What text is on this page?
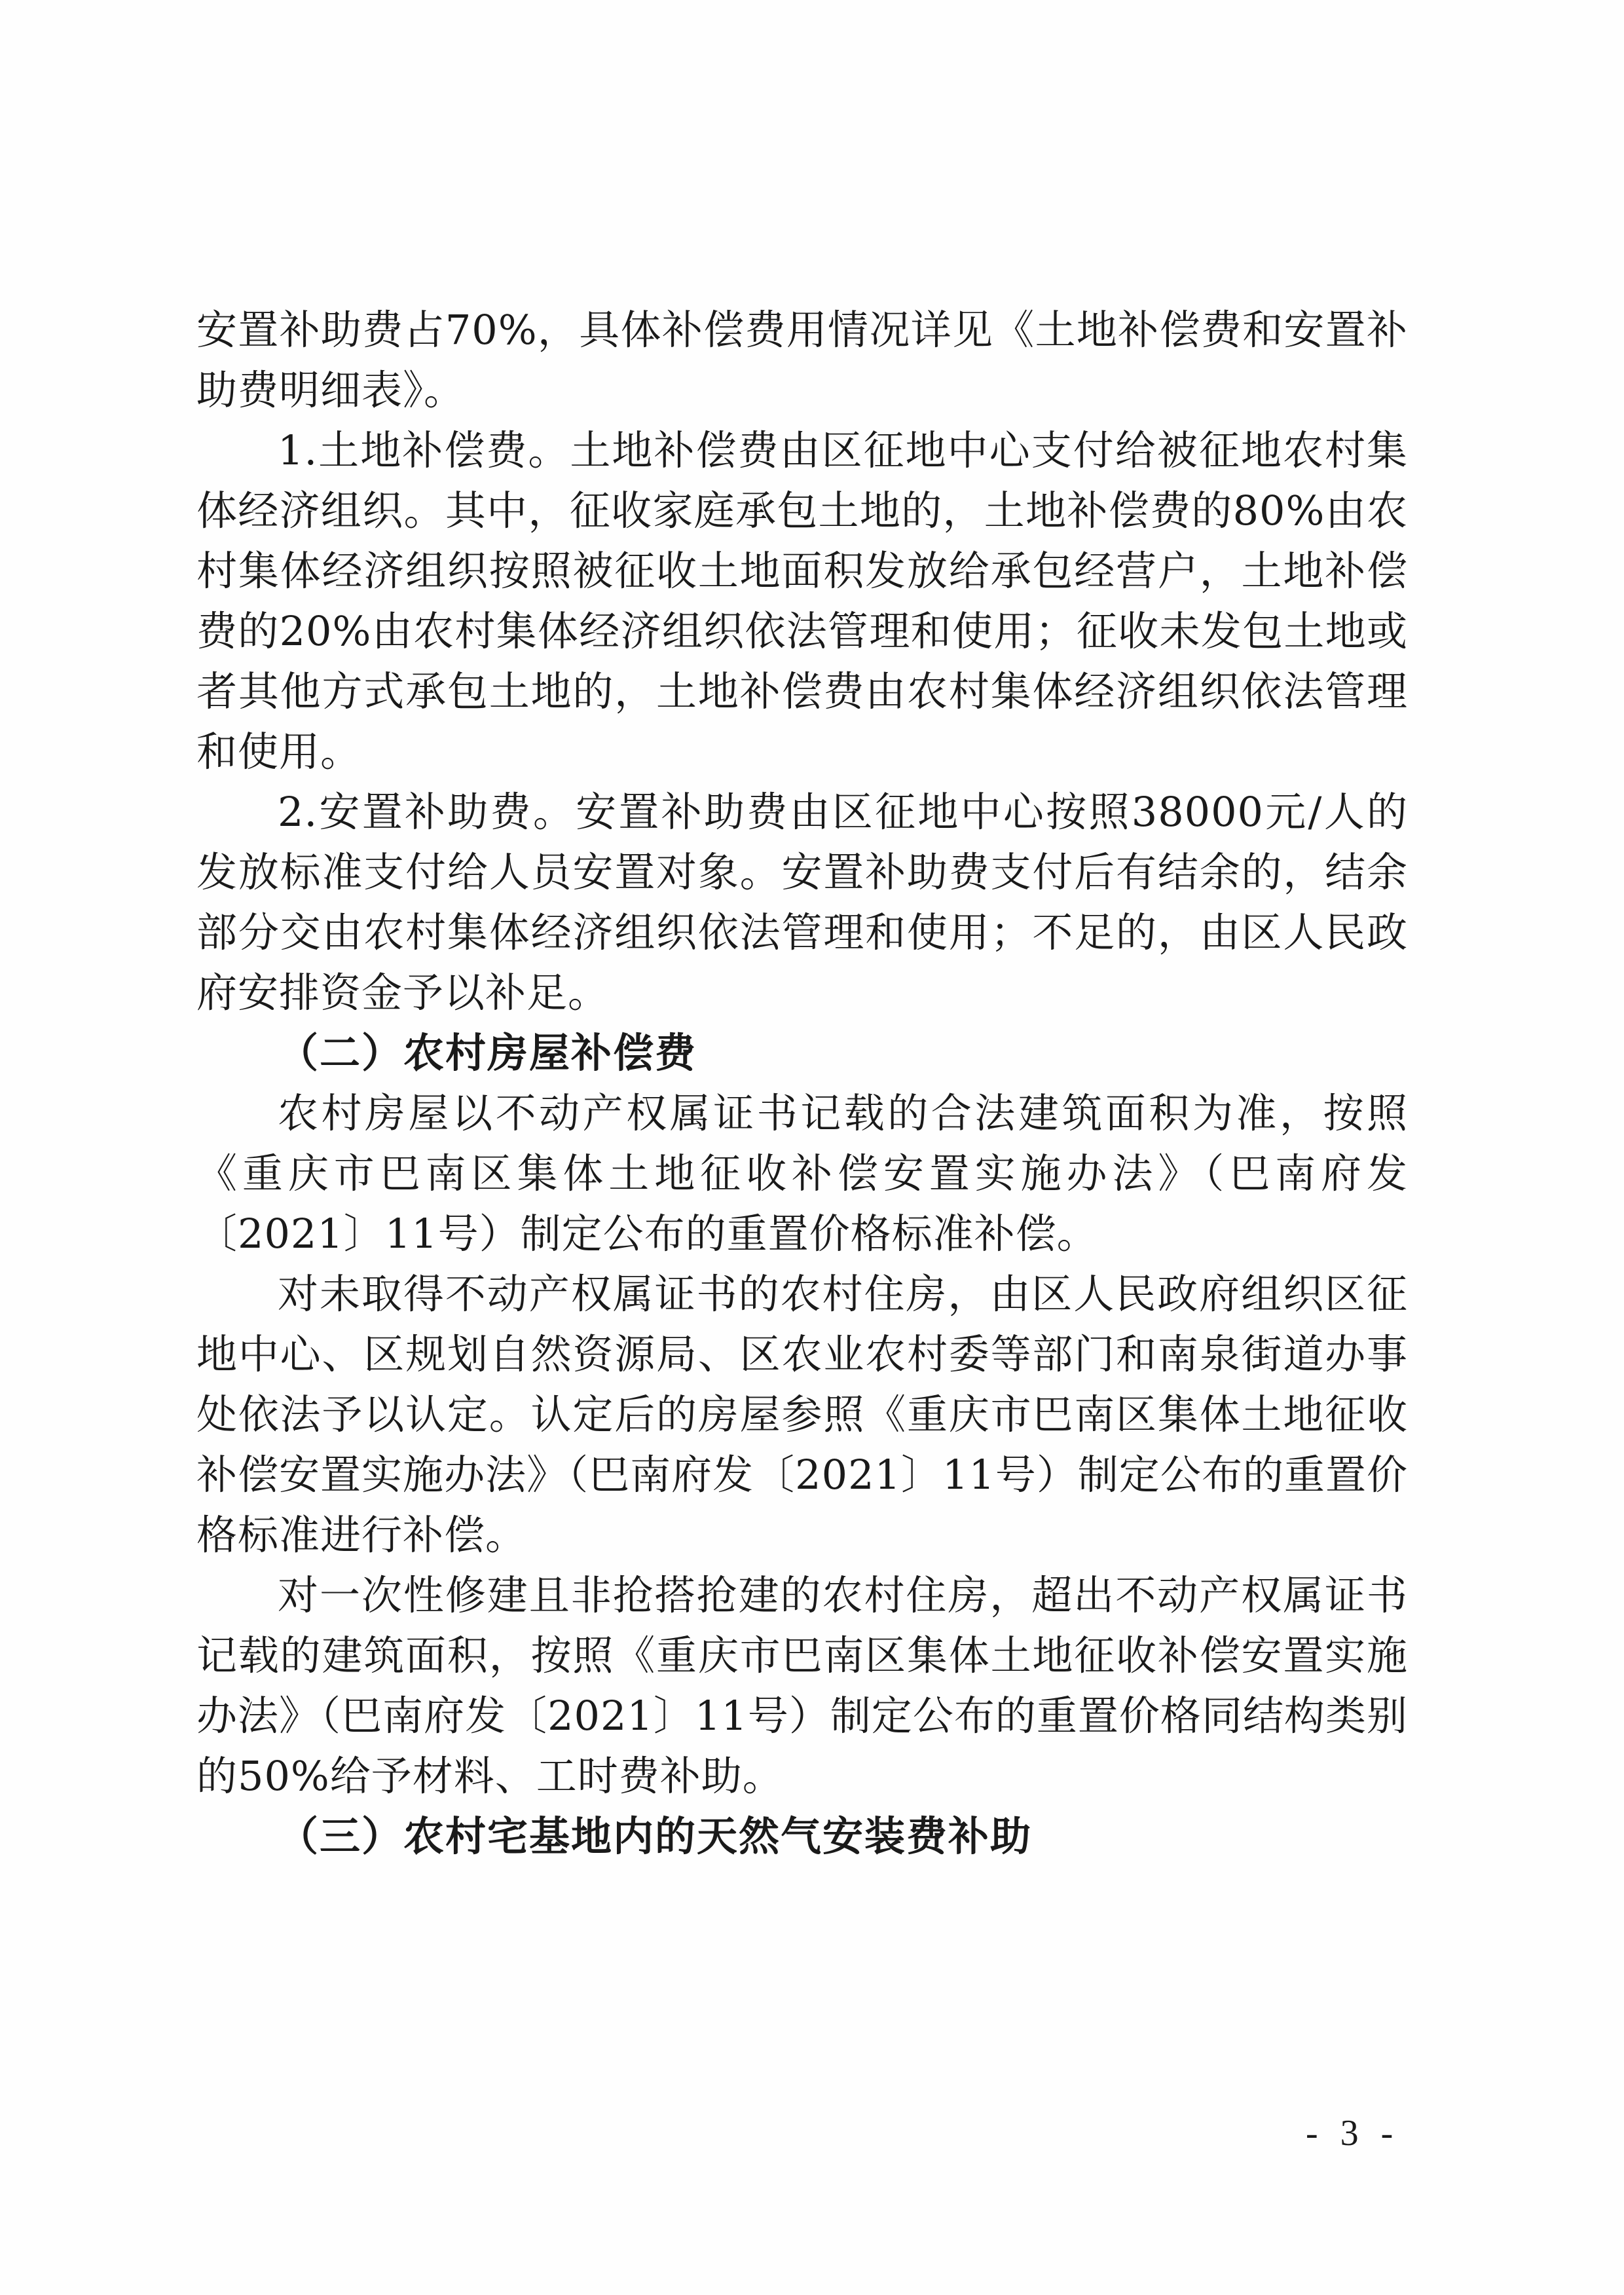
安置补助费占70%，具体补偿费用情况详见《土地补偿费和安置补助费明细表》。

1.土地补偿费。土地补偿费由区征地中心支付给被征地农村集体经济组织。其中，征收家庭承包土地的，土地补偿费的80%由农村集体经济组织按照被征收土地面积发放给承包经营户，土地补偿费的20%由农村集体经济组织依法管理和使用；征收未发包土地或者其他方式承包土地的，土地补偿费由农村集体经济组织依法管理和使用。

2.安置补助费。安置补助费由区征地中心按照38000元/人的发放标准支付给人员安置对象。安置补助费支付后有结余的，结余部分交由农村集体经济组织依法管理和使用；不足的，由区人民政府安排资金予以补足。

（二）农村房屋补偿费

农村房屋以不动产权属证书记载的合法建筑面积为准，按照《重庆市巴南区集体土地征收补偿安置实施办法》（巴南府发〔2021〕11号）制定公布的重置价格标准补偿。

对未取得不动产权属证书的农村住房，由区人民政府组织区征地中心、区规划自然资源局、区农业农村委等部门和南泉街道办事处依法予以认定。认定后的房屋参照《重庆市巴南区集体土地征收补偿安置实施办法》（巴南府发〔2021〕11号）制定公布的重置价格标准进行补偿。

对一次性修建且非抢搭抢建的农村住房，超出不动产权属证书记载的建筑面积，按照《重庆市巴南区集体土地征收补偿安置实施办法》（巴南府发〔2021〕11号）制定公布的重置价格同结构类别的50%给予材料、工时费补助。

（三）农村宅基地内的天然气安装费补助

- 3 -
